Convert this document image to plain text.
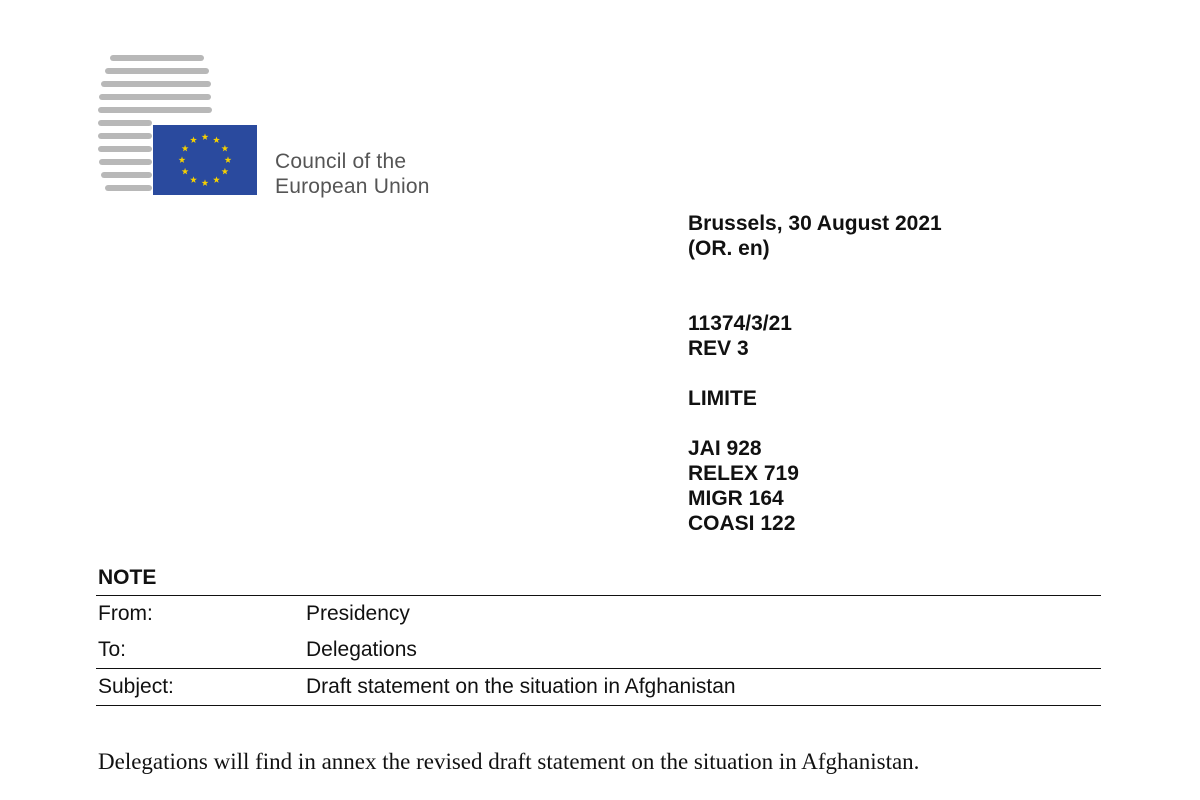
Council of the
European Union
Brussels, 30 August 2021
(OR. en)
11374/3/21
REV 3
LIMITE
JAI 928
RELEX 719
MIGR 164
COASI 122
NOTE
From:	Presidency
To:	Delegations
Subject:	Draft statement on the situation in Afghanistan
Delegations will find in annex the revised draft statement on the situation in Afghanistan.
